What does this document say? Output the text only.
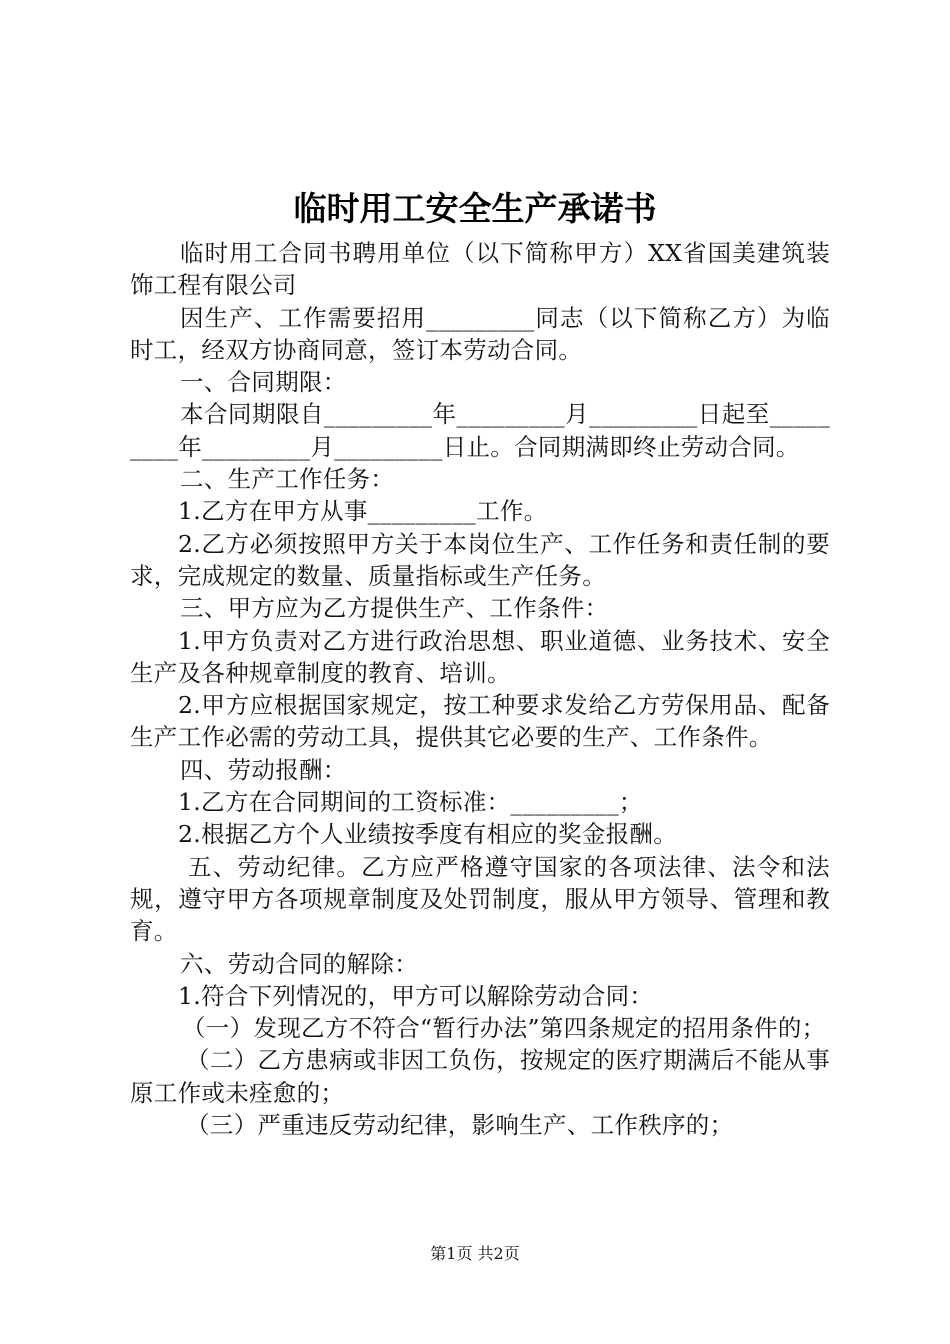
临时用工安全生产承诺书

临时用工合同书聘用单位（以下简称甲方）XX省国美建筑装饰工程有限公司

因生产、工作需要招用_________同志（以下简称乙方）为临时工，经双方协商同意，签订本劳动合同。

一、合同期限：

本合同期限自_________年_________月_________日起至_________年_________月_________日止。合同期满即终止劳动合同。

二、生产工作任务：

1.乙方在甲方从事_________工作。

2.乙方必须按照甲方关于本岗位生产、工作任务和责任制的要求，完成规定的数量、质量指标或生产任务。

三、甲方应为乙方提供生产、工作条件：

1.甲方负责对乙方进行政治思想、职业道德、业务技术、安全生产及各种规章制度的教育、培训。

2.甲方应根据国家规定，按工种要求发给乙方劳保用品、配备生产工作必需的劳动工具，提供其它必要的生产、工作条件。

四、劳动报酬：

1.乙方在合同期间的工资标准：_________；

2.根据乙方个人业绩按季度有相应的奖金报酬。

五、劳动纪律。乙方应严格遵守国家的各项法律、法令和法规，遵守甲方各项规章制度及处罚制度，服从甲方领导、管理和教育。

六、劳动合同的解除：

1.符合下列情况的，甲方可以解除劳动合同：

（一）发现乙方不符合“暂行办法”第四条规定的招用条件的；

（二）乙方患病或非因工负伤，按规定的医疗期满后不能从事原工作或未痊愈的；

（三）严重违反劳动纪律，影响生产、工作秩序的；

第1页 共2页
